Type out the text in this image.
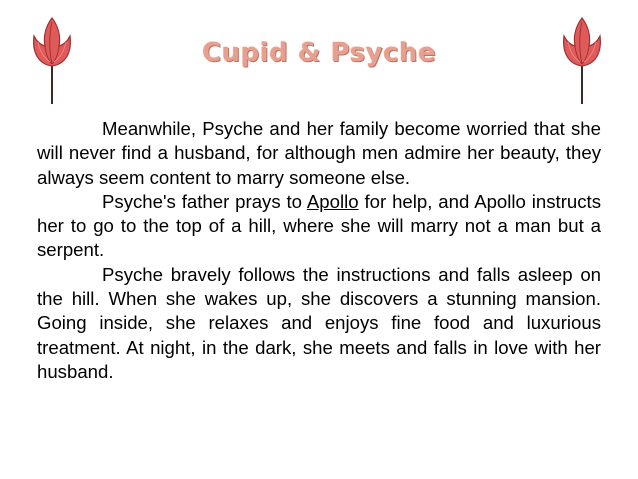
Cupid & Psyche

Meanwhile, Psyche and her family become worried that she will never find a husband, for although men admire her beauty, they always seem content to marry someone else.

Psyche's father prays to Apollo for help, and Apollo instructs her to go to the top of a hill, where she will marry not a man but a serpent.

Psyche bravely follows the instructions and falls asleep on the hill. When she wakes up, she discovers a stunning mansion. Going inside, she relaxes and enjoys fine food and luxurious treatment. At night, in the dark, she meets and falls in love with her husband.
